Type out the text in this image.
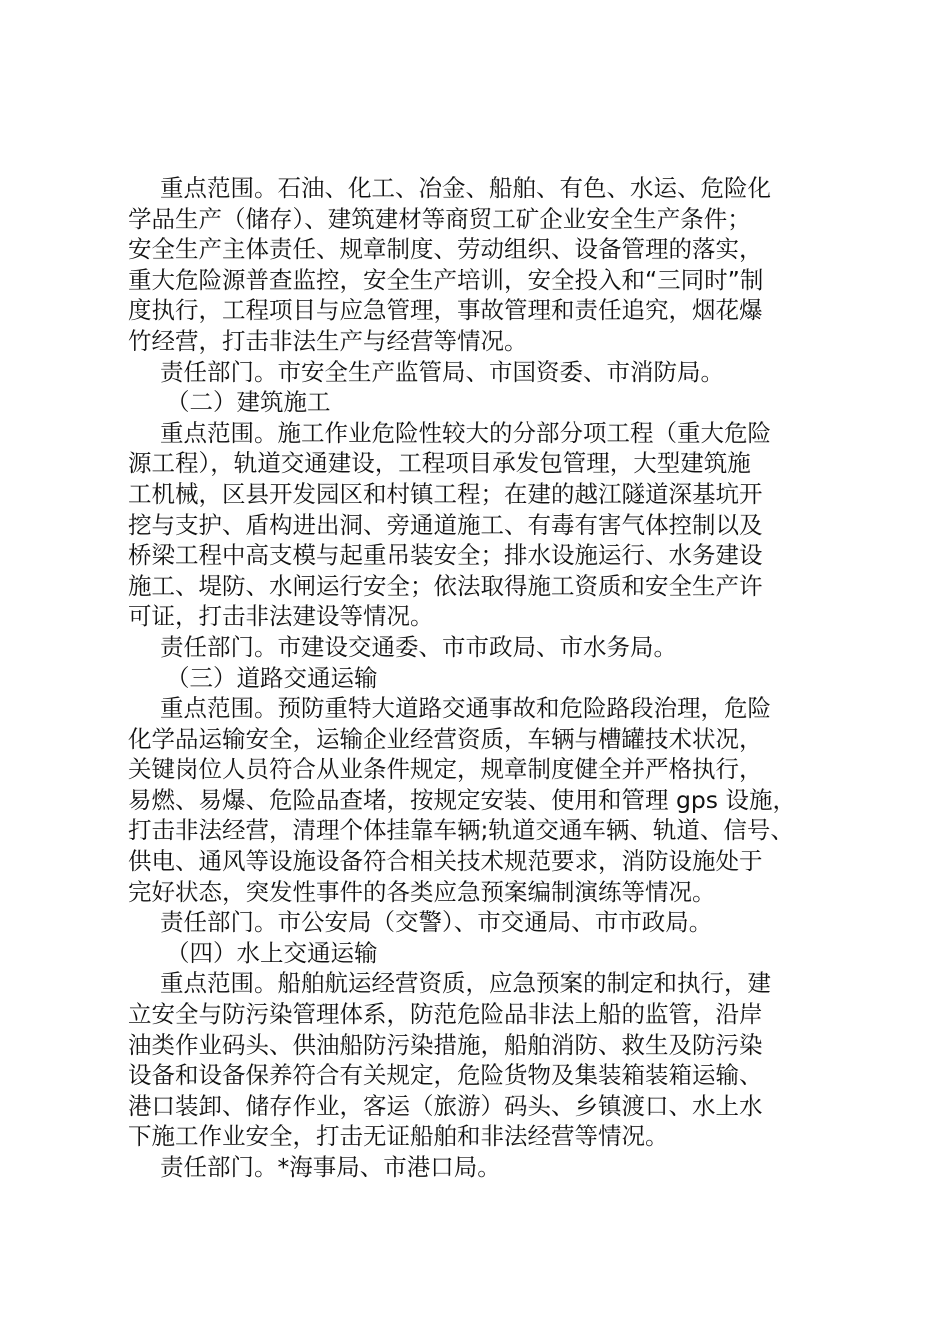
重点范围。石油、化工、冶金、船舶、有色、水运、危险化
学品生产（储存）、建筑建材等商贸工矿企业安全生产条件；
安全生产主体责任、规章制度、劳动组织、设备管理的落实，
重大危险源普查监控，安全生产培训，安全投入和“三同时”制
度执行，工程项目与应急管理，事故管理和责任追究，烟花爆
竹经营，打击非法生产与经营等情况。
责任部门。市安全生产监管局、市国资委、市消防局。
（二）建筑施工
重点范围。施工作业危险性较大的分部分项工程（重大危险
源工程），轨道交通建设，工程项目承发包管理，大型建筑施
工机械，区县开发园区和村镇工程；在建的越江隧道深基坑开
挖与支护、盾构进出洞、旁通道施工、有毒有害气体控制以及
桥梁工程中高支模与起重吊装安全；排水设施运行、水务建设
施工、堤防、水闸运行安全；依法取得施工资质和安全生产许
可证，打击非法建设等情况。
责任部门。市建设交通委、市市政局、市水务局。
（三）道路交通运输
重点范围。预防重特大道路交通事故和危险路段治理，危险
化学品运输安全，运输企业经营资质，车辆与槽罐技术状况，
关键岗位人员符合从业条件规定，规章制度健全并严格执行，
易燃、易爆、危险品查堵，按规定安装、使用和管理 gps 设施，
打击非法经营，清理个体挂靠车辆;轨道交通车辆、轨道、信号、
供电、通风等设施设备符合相关技术规范要求，消防设施处于
完好状态，突发性事件的各类应急预案编制演练等情况。
责任部门。市公安局（交警）、市交通局、市市政局。
（四）水上交通运输
重点范围。船舶航运经营资质，应急预案的制定和执行，建
立安全与防污染管理体系，防范危险品非法上船的监管，沿岸
油类作业码头、供油船防污染措施，船舶消防、救生及防污染
设备和设备保养符合有关规定，危险货物及集装箱装箱运输、
港口装卸、储存作业，客运（旅游）码头、乡镇渡口、水上水
下施工作业安全，打击无证船舶和非法经营等情况。
责任部门。*海事局、市港口局。
